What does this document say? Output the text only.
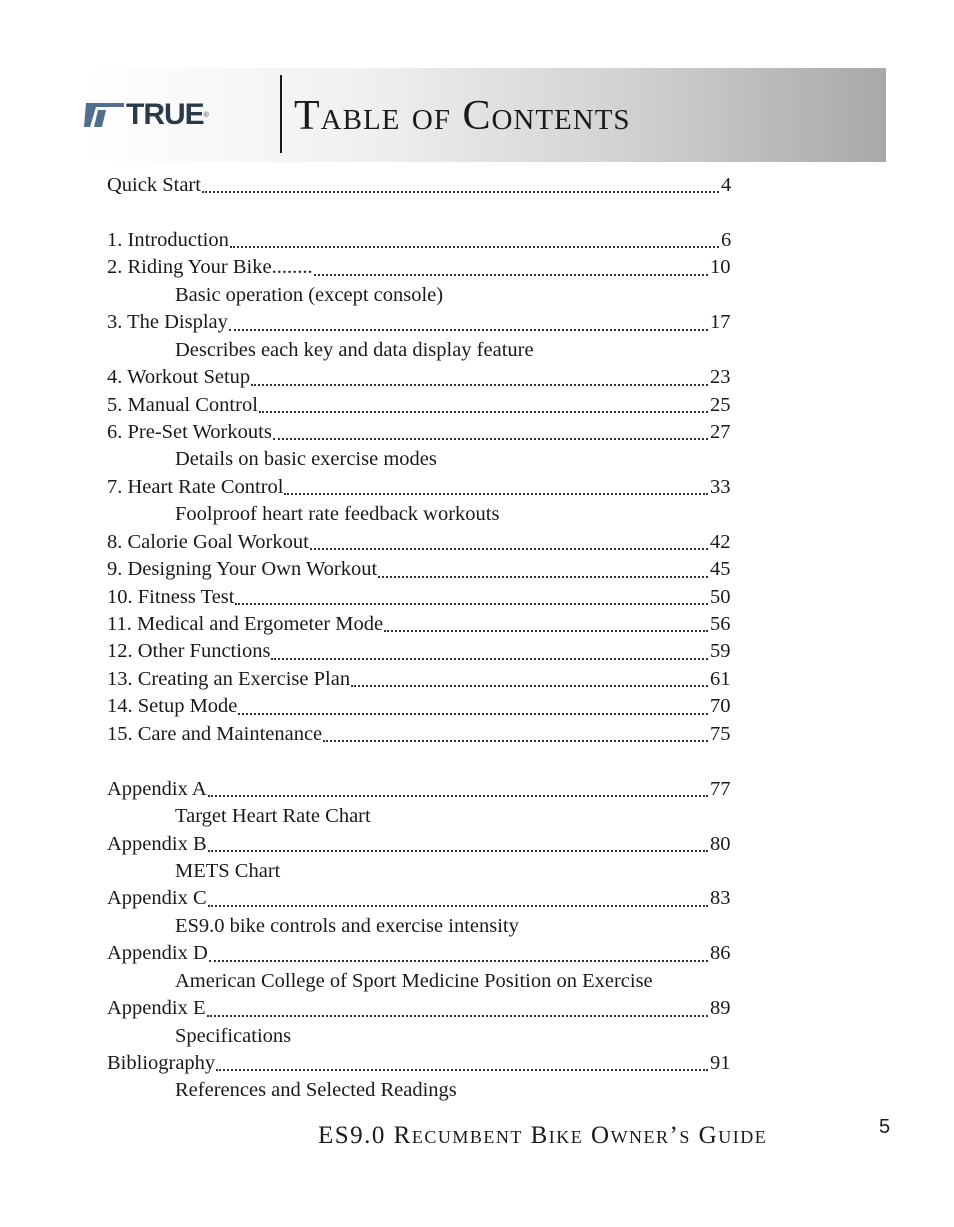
TRUE ® Table of Contents
Quick Start	4
1. Introduction	6
2. Riding Your Bike........	10
Basic operation (except console)
3. The Display	17
Describes each key and data display feature
4. Workout Setup	23
5. Manual Control	25
6. Pre-Set Workouts	27
Details on basic exercise modes
7. Heart Rate Control	33
Foolproof heart rate feedback workouts
8. Calorie Goal Workout	42
9. Designing Your Own Workout	45
10. Fitness Test	50
11. Medical and Ergometer Mode	56
12. Other Functions	59
13. Creating an Exercise Plan	61
14. Setup Mode	70
15. Care and Maintenance	75
Appendix A	77
Target Heart Rate Chart
Appendix B	80
METS Chart
Appendix C	83
ES9.0 bike controls and exercise intensity
Appendix D	86
American College of Sport Medicine Position on Exercise
Appendix E	89
Specifications
Bibliography	91
References and Selected Readings
ES9.0 Recumbent Bike Owner’s Guide	5
